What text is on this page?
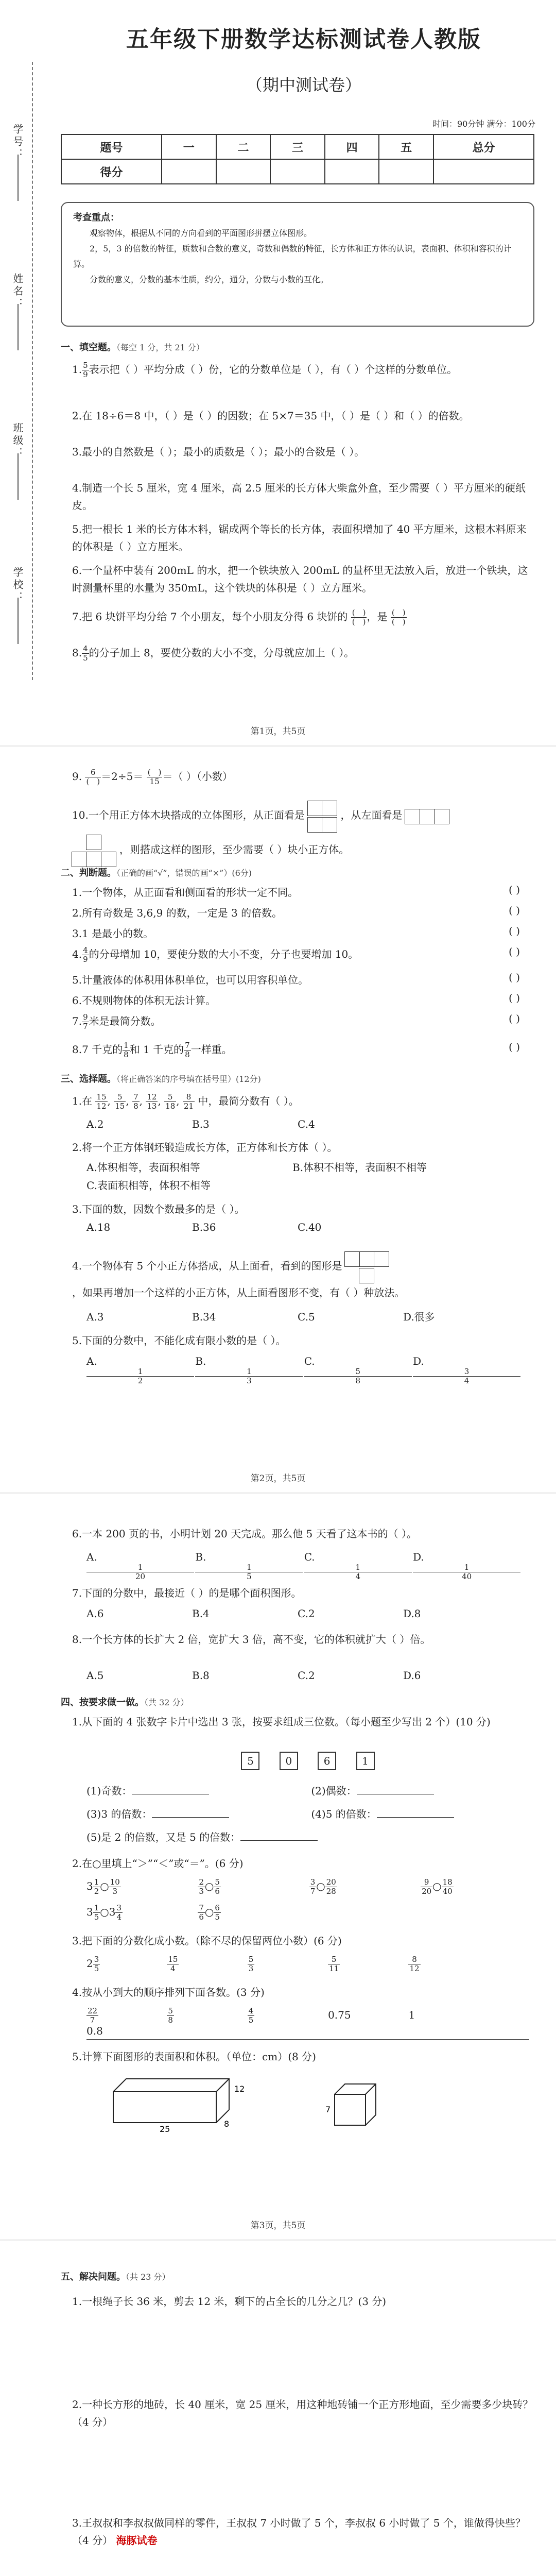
学号：
姓名：
班级：
学校：
五年级下册数学达标测试卷人教版
（期中测试卷）
时间：90分钟 满分：100分
题号	一	二	三	四	五	总分
得分						
考查重点：

观察物体，根据从不同的方向看到的平面图形拼摆立体图形。

2，5，3 的倍数的特征，质数和合数的意义，奇数和偶数的特征，长方体和正方体的认识，表面积、体积和容积的计算。

分数的意义，分数的基本性质，约分，通分，分数与小数的互化。

一、填空题。（每空 1 分，共 21 分）
1. $\frac{5}{9}$ 表示把（ ）平均分成（ ）份，它的分数单位是（ ），有（ ）个这样的分数单位。
2.在 18÷6＝8 中，（ ）是（ ）的因数；在 5×7＝35 中，（ ）是（ ）和（ ）的倍数。
3.最小的自然数是（ ）；最小的质数是（ ）；最小的合数是（ ）。
4.制造一个长 5 厘米，宽 4 厘米，高 2.5 厘米的长方体大柴盒外盒，至少需要（ ）平方厘米的硬纸皮。
5.把一根长 1 米的长方体木料，锯成两个等长的长方体，表面积增加了 40 平方厘米，这根木料原来的体积是（ ）立方厘米。
6.一个量杯中装有 200mL 的水，把一个铁块放入 200mL 的量杯里无法放入后，放进一个铁块，这时测量杯里的水量为 350mL，这个铁块的体积是（ ）立方厘米。
7.把 6 块饼平均分给 7 个小朋友，每个小朋友分得 6 块饼的 (　)
(　) ，是 (　)
(　)
8. $\frac{4}{5}$ 的分子加上 8，要使分数的大小不变，分母就应加上（ ）。
第1页，共5页
9.	6
(　) ＝2÷5＝ (　)
15 ＝（ ）（小数）
10.一个用正方体木块搭成的立体图形，从正面看是	，从左面看是

，则搭成这样的图形，至少需要（ ）块小正方体。
二、判断题。（正确的画“√”，错误的画“×”）(6分)
1.一个物体，从正面看和侧面看的形状一定不同。	( )
2.所有奇数是 3,6,9 的数，一定是 3 的倍数。	( )
3.1 是最小的数。	( )
4. $\frac{4}{9}$ 的分母增加 10，要使分数的大小不变，分子也要增加 10。	( )
5.计量液体的体积用体积单位，也可以用容积单位。	( )
6.不规则物体的体积无法计算。	( )
7. $\frac{9}{7}$ 米是最简分数。	( )
8.7 千克的 $\frac{1}{8}$ 和 1 千克的 $\frac{7}{8}$ 一样重。	( )
三、选择题。（将正确答案的序号填在括号里）(12分)
1.在 $\frac{15}{12}$ , $\frac{5}{15}$ , $\frac{7}{8}$ , $\frac{12}{13}$ , $\frac{5}{18}$ , $\frac{8}{21}$ 中，最简分数有（ ）。
A.2	B.3	C.4
2.将一个正方体钢坯锻造成长方体，正方体和长方体（ ）。
A.体积相等，表面积相等	B.体积不相等，表面积不相等
C.表面积相等，体积不相等
3.下面的数，因数个数最多的是（ ）。
A.18	B.36	C.40
4.一个物体有 5 个小正方体搭成，从上面看，看到的图形是

，如果再增加一个这样的小正方体，从上面看图形不变，有（ ）种放法。
A.3	B.34	C.5	D.很多
5.下面的分数中，不能化成有限小数的是（ ）。
A.
$\frac{1}{2}$
B.
$\frac{1}{3}$
C.
$\frac{5}{8}$
D.
$\frac{3}{4}$
第2页，共5页
6.一本 200 页的书，小明计划 20 天完成。那么他 5 天看了这本书的（ ）。
A.
$\frac{1}{20}$
B.
$\frac{1}{5}$
C.
$\frac{1}{4}$
D.
$\frac{1}{40}$
7.下面的分数中，最接近（ ）的是哪个面积图形。
A.6	B.4	C.2	D.8
8.一个长方体的长扩大 2 倍，宽扩大 3 倍，高不变，它的体积就扩大（ ）倍。
A.5	B.8	C.2	D.6
四、按要求做一做。（共 32 分）
1.从下面的 4 张数字卡片中选出 3 张，按要求组成三位数。（每小题至少写出 2 个）(10 分)
5	0	6	1
(1)奇数：	(2)偶数：
(3)3 的倍数：	(4)5 的倍数：
(5)是 2 的倍数，又是 5 的倍数：
2.在○里填上“＞”“＜”或“＝”。(6 分)
$3 \frac{1}{2}$ ○ $\frac{10}{3}$
	$\frac{2}{3}$ ○ $\frac{5}{6}$
	$\frac{3}{7}$ ○ $\frac{20}{28}$
	$\frac{9}{20}$ ○ $\frac{18}{40}$
$3 \frac{1}{5}$ ○3 $\frac{3}{4}$
	$\frac{7}{6}$ ○ $\frac{6}{5}$
3.把下面的分数化成小数。（除不尽的保留两位小数）(6 分)
$2 \frac{3}{5}$
	$\frac{15}{4}$
	$\frac{5}{3}$
	$\frac{5}{11}$
	$\frac{8}{12}$
4.按从小到大的顺序排列下面各数。(3 分)
$\frac{22}{7}$
	$\frac{5}{8}$
	$\frac{4}{5}$	0.75	1 0.8
5.计算下面图形的表面积和体积。（单位：cm）(8 分)
12
25
8
7
第3页，共5页
五、解决问题。（共 23 分）
1.一根绳子长 36 米，剪去 12 米，剩下的占全长的几分之几？(3 分)
2.一种长方形的地砖，长 40 厘米，宽 25 厘米，用这种地砖铺一个正方形地面，至少需要多少块砖？（4 分）
3.王叔叔和李叔叔做同样的零件，王叔叔 7 小时做了 5 个，李叔叔 6 小时做了 5 个，谁做得快些？（4 分） 海豚试卷
